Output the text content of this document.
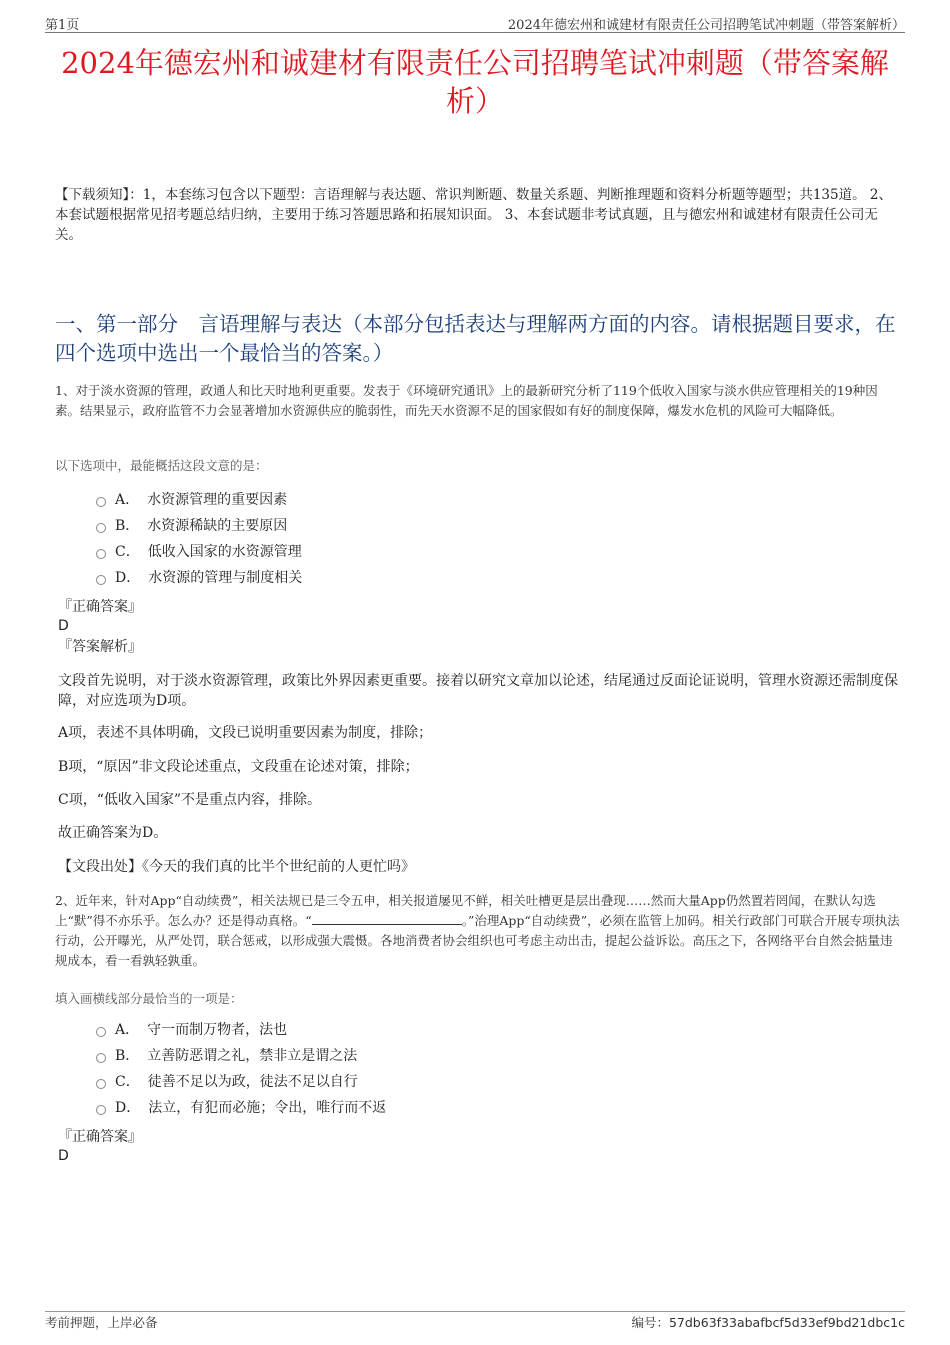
第1页	2024年德宏州和诚建材有限责任公司招聘笔试冲刺题（带答案解析）
2024年德宏州和诚建材有限责任公司招聘笔试冲刺题（带答案解析）
【下载须知】：1，本套练习包含以下题型：言语理解与表达题、常识判断题、数量关系题、判断推理题和资料分析题等题型；共135道。 2、本套试题根据常见招考题总结归纳，主要用于练习答题思路和拓展知识面。 3、本套试题非考试真题，且与德宏州和诚建材有限责任公司无关。
一、第一部分　言语理解与表达（本部分包括表达与理解两方面的内容。请根据题目要求，在四个选项中选出一个最恰当的答案。）
1、对于淡水资源的管理，政通人和比天时地利更重要。发表于《环境研究通讯》上的最新研究分析了119个低收入国家与淡水供应管理相关的19种因素。结果显示，政府监管不力会显著增加水资源供应的脆弱性，而先天水资源不足的国家假如有好的制度保障，爆发水危机的风险可大幅降低。
以下选项中，最能概括这段文意的是：
A． 水资源管理的重要因素
B． 水资源稀缺的主要原因
C． 低收入国家的水资源管理
D． 水资源的管理与制度相关
『正确答案』
D
『答案解析』
文段首先说明，对于淡水资源管理，政策比外界因素更重要。接着以研究文章加以论述，结尾通过反面论证说明，管理水资源还需制度保障，对应选项为D项。
A项，表述不具体明确，文段已说明重要因素为制度，排除；
B项，“原因”非文段论述重点，文段重在论述对策，排除；
C项，“低收入国家”不是重点内容，排除。
故正确答案为D。
【文段出处】《今天的我们真的比半个世纪前的人更忙吗》
2、近年来，针对App“自动续费”，相关法规已是三令五申，相关报道屡见不鲜，相关吐槽更是层出叠现……然而大量App仍然置若罔闻，在默认勾选上“默”得不亦乐乎。怎么办？还是得动真格。“	。”治理App“自动续费”，必须在监管上加码。相关行政部门可联合开展专项执法行动，公开曝光，从严处罚，联合惩戒，以形成强大震慑。各地消费者协会组织也可考虑主动出击，提起公益诉讼。高压之下，各网络平台自然会掂量违规成本，看一看孰轻孰重。
填入画横线部分最恰当的一项是：
A． 守一而制万物者，法也
B． 立善防恶谓之礼，禁非立是谓之法
C． 徒善不足以为政，徒法不足以自行
D． 法立，有犯而必施；令出，唯行而不返
『正确答案』
D
考前押题，上岸必备	编号：57db63f33abafbcf5d33ef9bd21dbc1c
